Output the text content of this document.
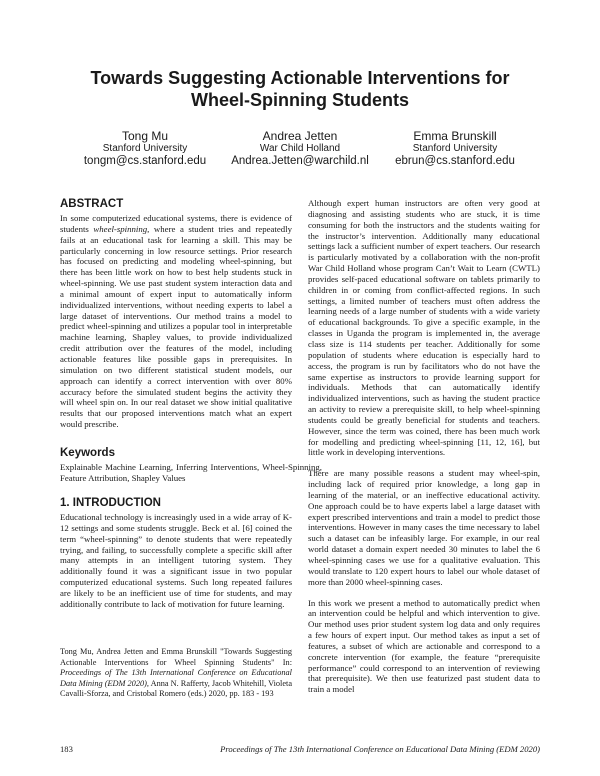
Towards Suggesting Actionable Interventions for Wheel-Spinning Students
Tong Mu
Stanford University
tongm@cs.stanford.edu
Andrea Jetten
War Child Holland
Andrea.Jetten@warchild.nl
Emma Brunskill
Stanford University
ebrun@cs.stanford.edu
ABSTRACT

In some computerized educational systems, there is evidence of students wheel-spinning, where a student tries and repeatedly fails at an educational task for learning a skill. This may be particularly concerning in low resource settings. Prior research has focused on predicting and modeling wheel-spinning, but there has been little work on how to best help students stuck in wheel-spinning. We use past student system interaction data and a minimal amount of expert input to automatically inform individualized interventions, without needing experts to label a large dataset of interventions. Our method trains a model to predict wheel-spinning and utilizes a popular tool in interpretable machine learning, Shapley values, to provide individualized credit attribution over the features of the model, including actionable features like possible gaps in prerequisites. In simulation on two different statistical student models, our approach can identify a correct intervention with over 80% accuracy before the simulated student begins the activity they will wheel spin on. In our real dataset we show initial qualitative results that our proposed interventions match what an expert would prescribe.

Keywords

Explainable Machine Learning, Inferring Interventions, Wheel-Spinning, Feature Attribution, Shapley Values

1. INTRODUCTION

Educational technology is increasingly used in a wide array of K-12 settings and some students struggle. Beck et al. [6] coined the term “wheel-spinning” to denote students that were repeatedly trying, and failing, to successfully complete a specific skill after many attempts in an intelligent tutoring system. They additionally found it was a significant issue in two popular computerized educational systems. Such long repeated failures are likely to be an inefficient use of time for students, and may additionally contribute to lack of motivation for future learning.

Tong Mu, Andrea Jetten and Emma Brunskill "Towards Suggesting Actionable Interventions for Wheel Spinning Students" In: Proceedings of The 13th International Conference on Educational Data Mining (EDM 2020), Anna N. Rafferty, Jacob Whitehill, Violeta Cavalli-Sforza, and Cristobal Romero (eds.) 2020, pp. 183 - 193

Although expert human instructors are often very good at diagnosing and assisting students who are stuck, it is time consuming for both the instructors and the students waiting for the instructor’s intervention. Additionally many educational settings lack a sufficient number of expert teachers. Our research is particularly motivated by a collaboration with the non-profit War Child Holland whose program Can’t Wait to Learn (CWTL) provides self-paced educational software on tablets primarily to children in or coming from conflict-affected regions. In such settings, a limited number of teachers must often address the learning needs of a large number of students with a wide variety of educational backgrounds. To give a specific example, in the classes in Uganda the program is implemented in, the average class size is 114 students per teacher. Additionally for some population of students where education is especially hard to access, the program is run by facilitators who do not have the same expertise as instructors to provide learning support for individuals. Methods that can automatically identify individualized interventions, such as having the student practice an activity to review a prerequisite skill, to help wheel-spinning students could be greatly beneficial for students and teachers. However, since the term was coined, there has been much work for modelling and predicting wheel-spinning [11, 12, 16], but little work in developing interventions.

There are many possible reasons a student may wheel-spin, including lack of required prior knowledge, a long gap in learning of the material, or an ineffective educational activity. One approach could be to have experts label a large dataset with expert prescribed interventions and train a model to predict those interventions. However in many cases the time necessary to label such a dataset can be infeasibly large. For example, in our real world dataset a domain expert needed 30 minutes to label the 6 wheel-spinning cases we use for a qualitative evaluation. This would translate to 120 expert hours to label our whole dataset of more than 2000 wheel-spinning cases.

In this work we present a method to automatically predict when an intervention could be helpful and which intervention to give. Our method uses prior student system log data and only requires a few hours of expert input. Our method takes as input a set of features, a subset of which are actionable and correspond to a concrete intervention (for example, the feature “prerequisite performance” could correspond to an intervention of reviewing that prerequisite). We then use featurized past student data to train a model

183	Proceedings of The 13th International Conference on Educational Data Mining (EDM 2020)
